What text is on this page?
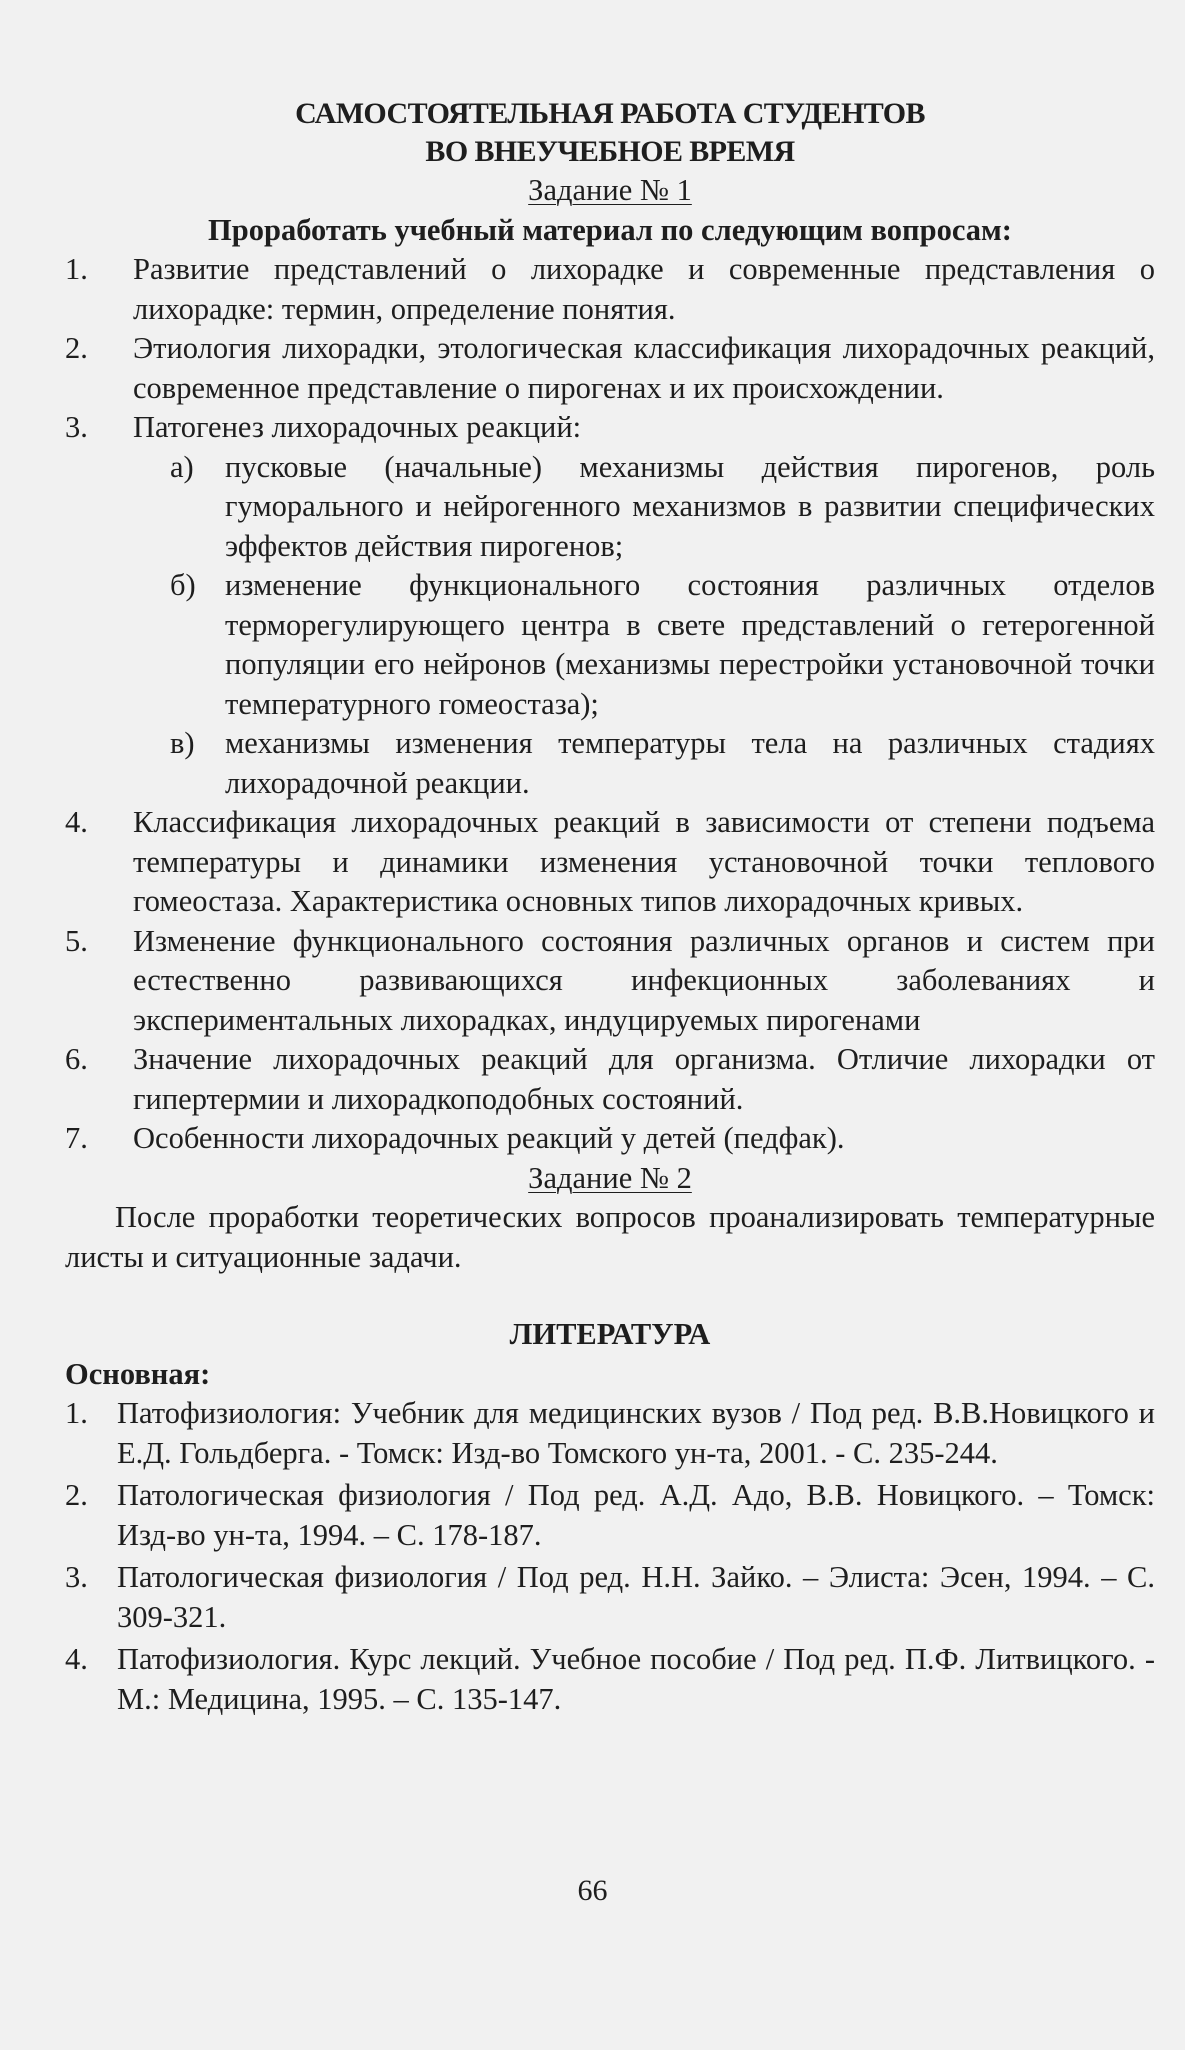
САМОСТОЯТЕЛЬНАЯ РАБОТА СТУДЕНТОВ
ВО ВНЕУЧЕБНОЕ ВРЕМЯ
Задание № 1
Проработать учебный материал по следующим вопросам:
1. Развитие представлений о лихорадке и современные представления о лихорадке: термин, определение понятия.
2. Этиология лихорадки, этологическая классификация лихорадочных реакций, современное представление о пирогенах и их происхождении.
3. Патогенез лихорадочных реакций:
а) пусковые (начальные) механизмы действия пирогенов, роль гуморального и нейрогенного механизмов в развитии специфических эффектов действия пирогенов;
б) изменение функционального состояния различных отделов терморегулирующего центра в свете представлений о гетерогенной популяции его нейронов (механизмы перестройки установочной точки температурного гомеостаза);
в) механизмы изменения температуры тела на различных стадиях лихорадочной реакции.
4. Классификация лихорадочных реакций в зависимости от степени подъема температуры и динамики изменения установочной точки теплового гомеостаза. Характеристика основных типов лихорадочных кривых.
5. Изменение функционального состояния различных органов и систем при естественно развивающихся инфекционных заболеваниях и экспериментальных лихорадках, индуцируемых пирогенами
6. Значение лихорадочных реакций для организма. Отличие лихорадки от гипертермии и лихорадкоподобных состояний.
7. Особенности лихорадочных реакций у детей (педфак).
Задание № 2
После проработки теоретических вопросов проанализировать температурные листы и ситуационные задачи.
ЛИТЕРАТУРА
Основная:
1. Патофизиология: Учебник для медицинских вузов / Под ред. В.В.Новицкого и Е.Д. Гольдберга. - Томск: Изд-во Томского ун-та, 2001. - С. 235-244.
2. Патологическая физиология / Под ред. А.Д. Адо, В.В. Новицкого. – Томск: Изд-во ун-та, 1994. – С. 178-187.
3. Патологическая физиология / Под ред. Н.Н. Зайко. – Элиста: Эсен, 1994. – С. 309-321.
4. Патофизиология. Курс лекций. Учебное пособие / Под ред. П.Ф. Литвицкого. - М.: Медицина, 1995. – С. 135-147.
66
